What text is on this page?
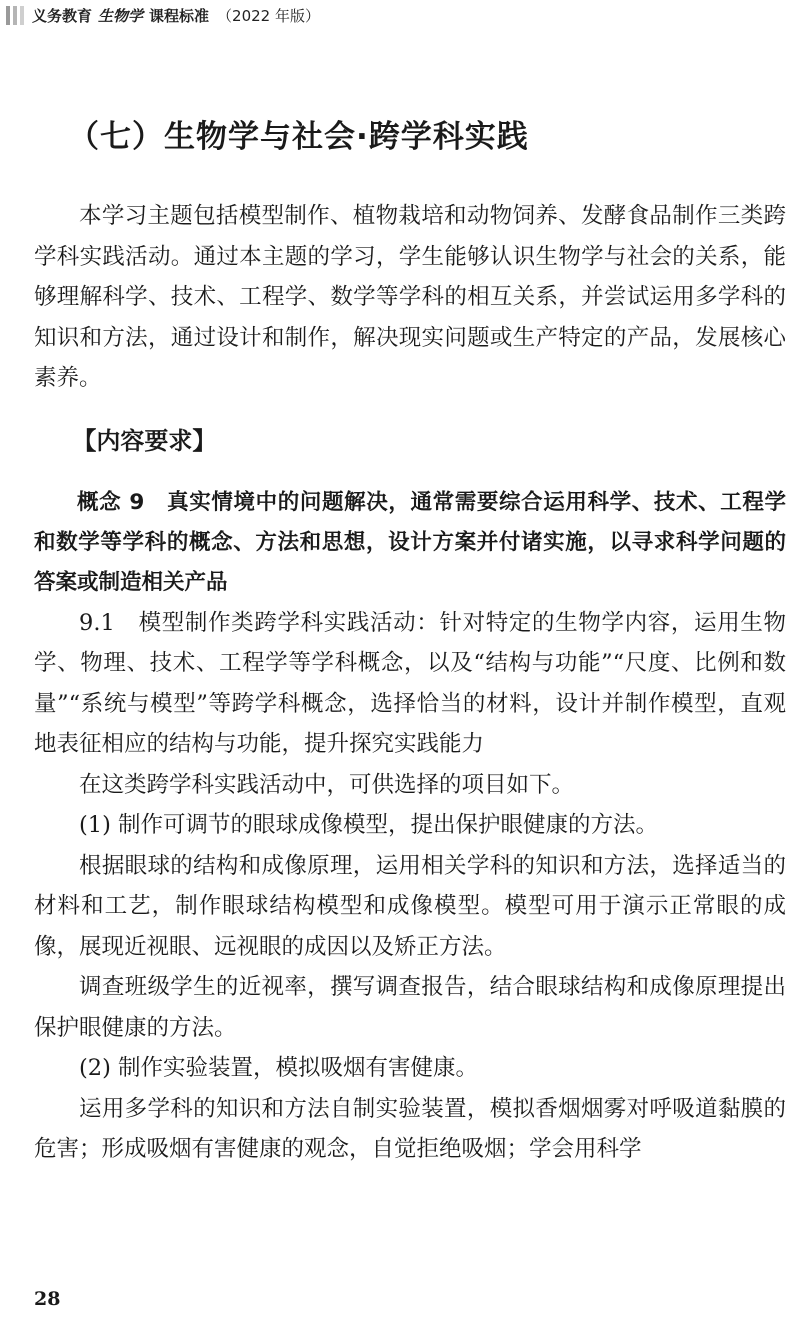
义务教育 生物学 课程标准 （2022 年版）
（七）生物学与社会·跨学科实践

本学习主题包括模型制作、植物栽培和动物饲养、发酵食品制作三类跨学科实践活动。通过本主题的学习，学生能够认识生物学与社会的关系，能够理解科学、技术、工程学、数学等学科的相互关系，并尝试运用多学科的知识和方法，通过设计和制作，解决现实问题或生产特定的产品，发展核心素养。

【内容要求】

概念 9　真实情境中的问题解决，通常需要综合运用科学、技术、工程学和数学等学科的概念、方法和思想，设计方案并付诸实施，以寻求科学问题的答案或制造相关产品

9.1　模型制作类跨学科实践活动：针对特定的生物学内容，运用生物学、物理、技术、工程学等学科概念，以及“结构与功能”“尺度、比例和数量”“系统与模型”等跨学科概念，选择恰当的材料，设计并制作模型，直观地表征相应的结构与功能，提升探究实践能力

在这类跨学科实践活动中，可供选择的项目如下。

(1) 制作可调节的眼球成像模型，提出保护眼健康的方法。

根据眼球的结构和成像原理，运用相关学科的知识和方法，选择适当的材料和工艺，制作眼球结构模型和成像模型。模型可用于演示正常眼的成像，展现近视眼、远视眼的成因以及矫正方法。

调查班级学生的近视率，撰写调查报告，结合眼球结构和成像原理提出保护眼健康的方法。

(2) 制作实验装置，模拟吸烟有害健康。

运用多学科的知识和方法自制实验装置，模拟香烟烟雾对呼吸道黏膜的危害；形成吸烟有害健康的观念，自觉拒绝吸烟；学会用科学

28
